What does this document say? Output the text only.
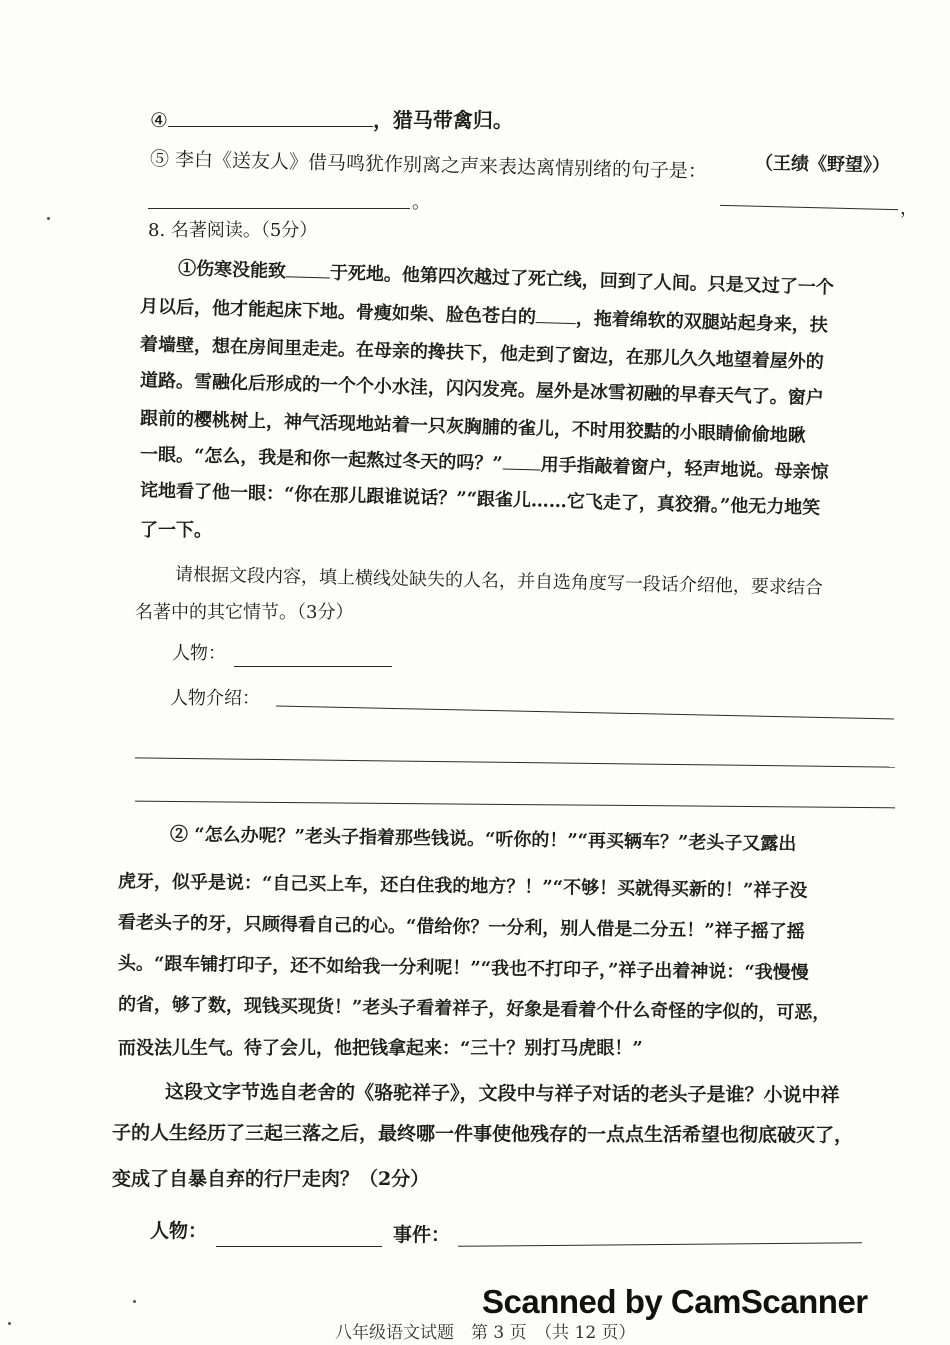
④	，猎马带禽归。
（王绩《野望》）
⑤ 李白《送友人》借马鸣犹作别离之声来表达离情别绪的句子是：
。	，
8. 名著阅读。（5分）
①伤寒没能致 于死地。他第四次越过了死亡线，回到了人间。只是又过了一个
月以后，他才能起床下地。骨瘦如柴、脸色苍白的 ，拖着绵软的双腿站起身来，扶
着墙壁，想在房间里走走。在母亲的搀扶下，他走到了窗边，在那儿久久地望着屋外的
道路。雪融化后形成的一个个小水洼，闪闪发亮。屋外是冰雪初融的早春天气了。窗户
跟前的樱桃树上，神气活现地站着一只灰胸脯的雀儿，不时用狡黠的小眼睛偷偷地瞅
一眼。“怎么，我是和你一起熬过冬天的吗？” 用手指敲着窗户，轻声地说。母亲惊
诧地看了他一眼：“你在那儿跟谁说话？”“跟雀儿……它飞走了，真狡猾。”他无力地笑
了一下。
请根据文段内容，填上横线处缺失的人名，并自选角度写一段话介绍他，要求结合
名著中的其它情节。（3分）
人物：
人物介绍：
② “怎么办呢？”老头子指着那些钱说。“听你的！”“再买辆车？”老头子又露出
虎牙，似乎是说：“自己买上车，还白住我的地方？！”“不够！买就得买新的！”祥子没
看老头子的牙，只顾得看自己的心。“借给你？一分利，别人借是二分五！”祥子摇了摇
头。“跟车铺打印子，还不如给我一分利呢！”“我也不打印子，”祥子出着神说：“我慢慢
的省，够了数，现钱买现货！”老头子看着祥子，好象是看着个什么奇怪的字似的，可恶，
而没法儿生气。待了会儿，他把钱拿起来：“三十？别打马虎眼！”
这段文字节选自老舍的《骆驼祥子》，文段中与祥子对话的老头子是谁？小说中祥
子的人生经历了三起三落之后，最终哪一件事使他残存的一点点生活希望也彻底破灭了，
变成了自暴自弃的行尸走肉？（2分）
人物：	事件：
八年级语文试题　第 3 页　（共 12 页）
Scanned by CamScanner
